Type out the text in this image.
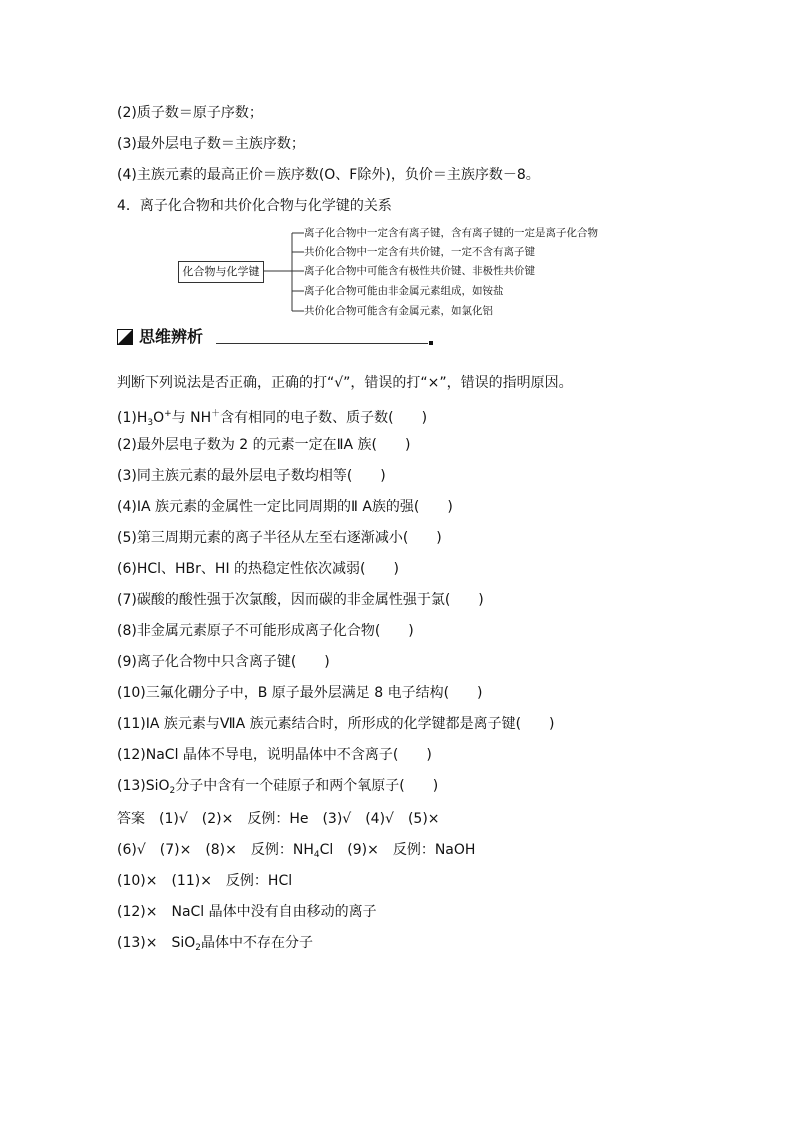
(2)质子数＝原子序数；
(3)最外层电子数＝主族序数；
(4)主族元素的最高正价＝族序数(O、F除外)，负价＝主族序数－8。
4．离子化合物和共价化合物与化学键的关系
化合物与化学键
离子化合物中一定含有离子键，含有离子键的一定是离子化合物
共价化合物中一定含有共价键，一定不含有离子键
离子化合物中可能含有极性共价键、非极性共价键
离子化合物可能由非金属元素组成，如铵盐
共价化合物可能含有金属元素，如氯化铝
思维辨析
判断下列说法是否正确，正确的打“√”，错误的打“×”，错误的指明原因。
$(1)H_3O^+$与 NH＋含有相同的电子数、质子数(　　)
(2)最外层电子数为 2 的元素一定在ⅡA 族(　　)
(3)同主族元素的最外层电子数均相等(　　)
(4)ⅠA 族元素的金属性一定比同周期的Ⅱ A族的强(　　)
(5)第三周期元素的离子半径从左至右逐渐减小(　　)
(6)HCl、HBr、HI 的热稳定性依次减弱(　　)
(7)碳酸的酸性强于次氯酸，因而碳的非金属性强于氯(　　)
(8)非金属元素原子不可能形成离子化合物(　　)
(9)离子化合物中只含离子键(　　)
(10)三氟化硼分子中，B 原子最外层满足 8 电子结构(　　)
(11)ⅠA 族元素与ⅦA 族元素结合时，所形成的化学键都是离子键(　　)
(12)NaCl 晶体不导电，说明晶体中不含离子(　　)
(13)SiO$_2$分子中含有一个硅原子和两个氧原子(　　)
答案　(1)√　(2)×　反例：He　(3)√　(4)√　(5)×
(6)√　(7)×　(8)×　反例：$NH_4Cl$　(9)×　反例：NaOH
(10)×　(11)×　反例：HCl
(12)×　NaCl 晶体中没有自由移动的离子
(13)×　SiO$_2$晶体中不存在分子
